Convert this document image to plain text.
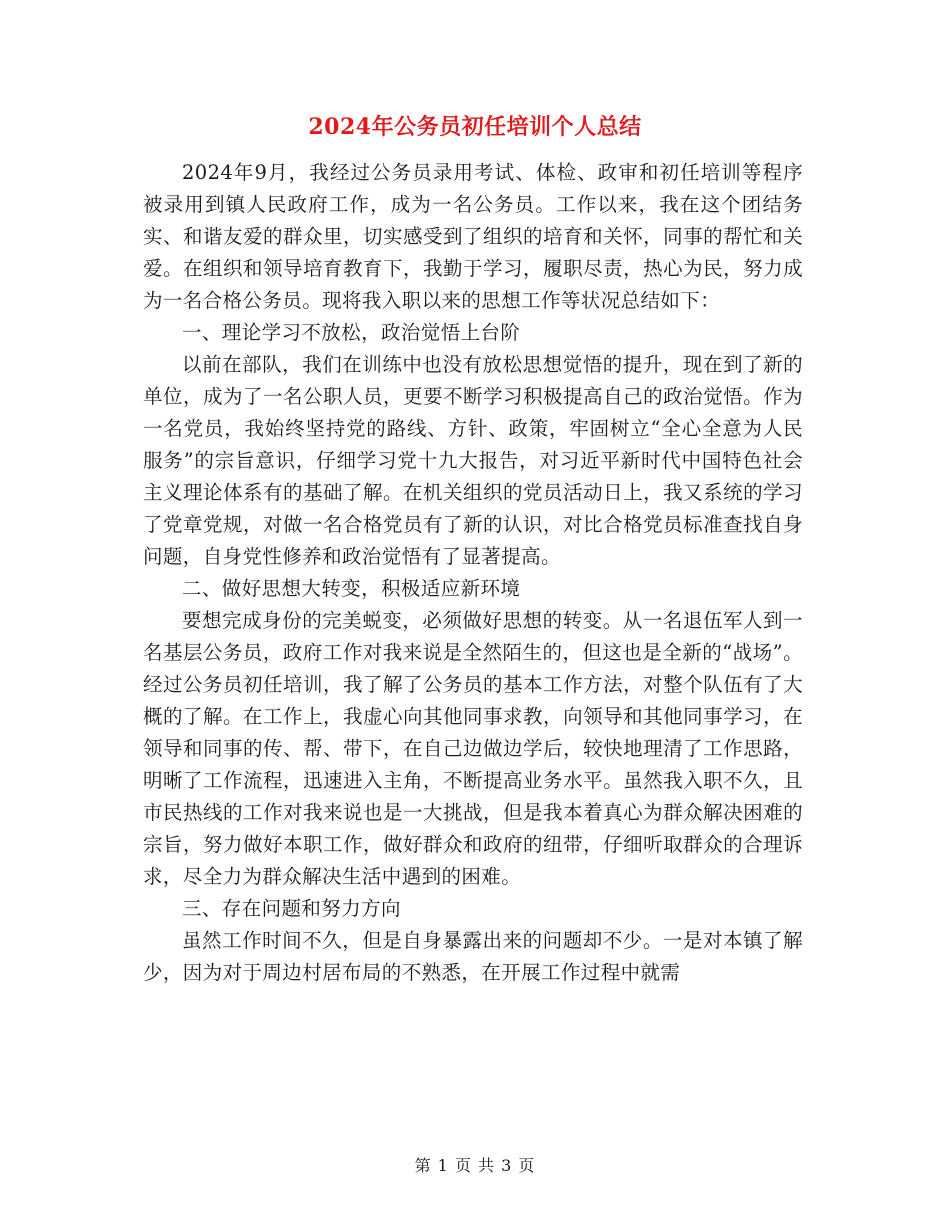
2024年公务员初任培训个人总结

2024年9月，我经过公务员录用考试、体检、政审和初任培训等程序被录用到镇人民政府工作，成为一名公务员。工作以来，我在这个团结务实、和谐友爱的群众里，切实感受到了组织的培育和关怀，同事的帮忙和关爱。在组织和领导培育教育下，我勤于学习，履职尽责，热心为民，努力成为一名合格公务员。现将我入职以来的思想工作等状况总结如下：

一、理论学习不放松，政治觉悟上台阶

以前在部队，我们在训练中也没有放松思想觉悟的提升，现在到了新的单位，成为了一名公职人员，更要不断学习积极提高自己的政治觉悟。作为一名党员，我始终坚持党的路线、方针、政策，牢固树立“全心全意为人民服务”的宗旨意识，仔细学习党十九大报告，对习近平新时代中国特色社会主义理论体系有的基础了解。在机关组织的党员活动日上，我又系统的学习了党章党规，对做一名合格党员有了新的认识，对比合格党员标准查找自身问题，自身党性修养和政治觉悟有了显著提高。

二、做好思想大转变，积极适应新环境

要想完成身份的完美蜕变，必须做好思想的转变。从一名退伍军人到一名基层公务员，政府工作对我来说是全然陌生的，但这也是全新的“战场”。经过公务员初任培训，我了解了公务员的基本工作方法，对整个队伍有了大概的了解。在工作上，我虚心向其他同事求教，向领导和其他同事学习，在领导和同事的传、帮、带下，在自己边做边学后，较快地理清了工作思路，明晰了工作流程，迅速进入主角，不断提高业务水平。虽然我入职不久，且市民热线的工作对我来说也是一大挑战，但是我本着真心为群众解决困难的宗旨，努力做好本职工作，做好群众和政府的纽带，仔细听取群众的合理诉求，尽全力为群众解决生活中遇到的困难。

三、存在问题和努力方向

虽然工作时间不久，但是自身暴露出来的问题却不少。一是对本镇了解少，因为对于周边村居布局的不熟悉，在开展工作过程中就需

第 1 页 共 3 页
